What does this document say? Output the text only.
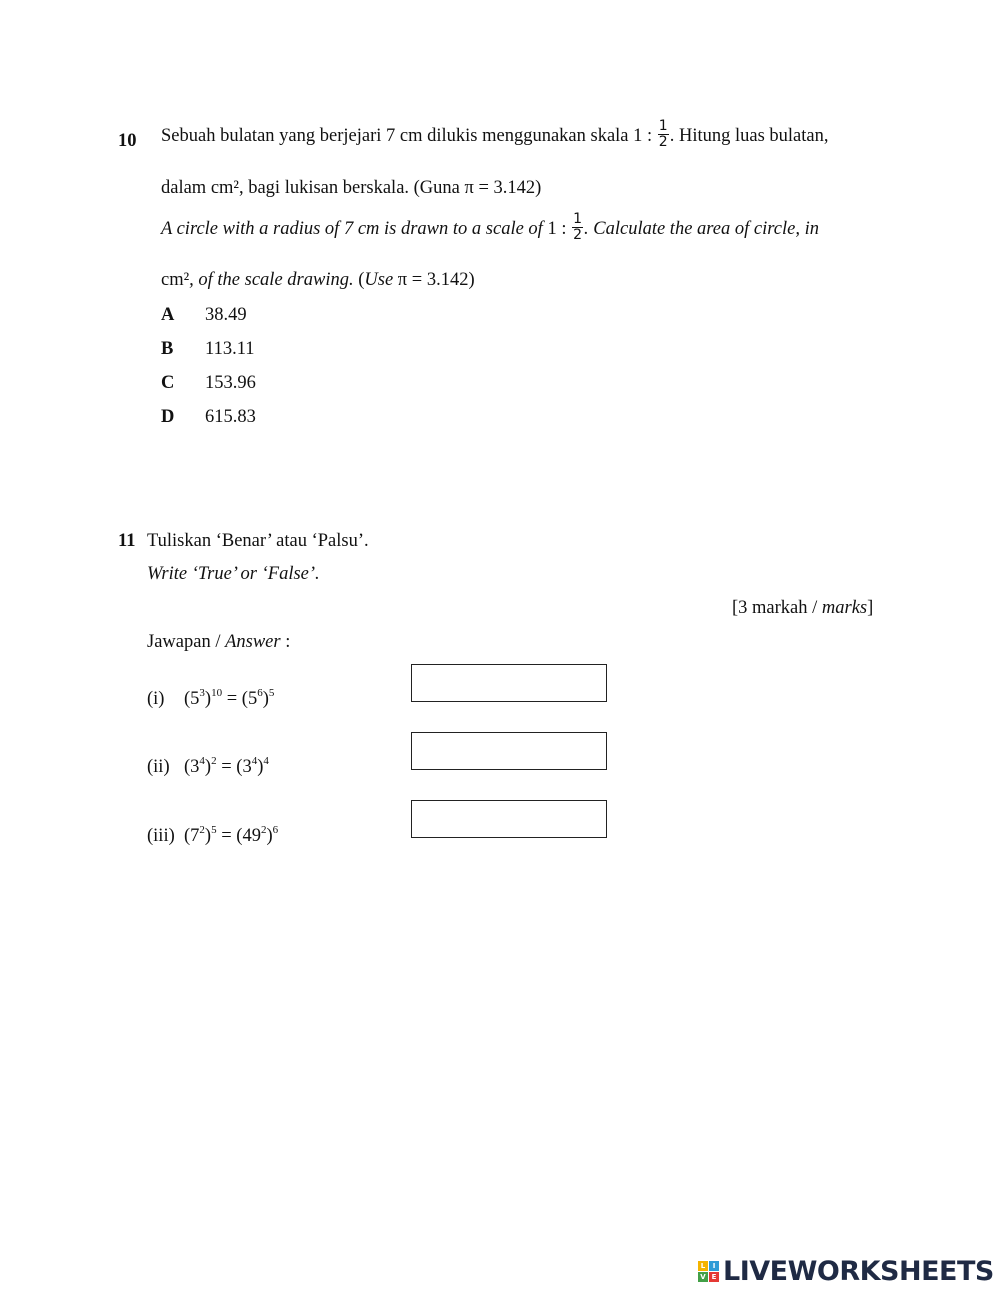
10 Sebuah bulatan yang berjejari 7 cm dilukis menggunakan skala 1 : $\frac{1}{2}$ . Hitung luas bulatan,
dalam cm², bagi lukisan berskala. (Guna π = 3.142)
A circle with a radius of 7 cm is drawn to a scale of 1 : $\frac{1}{2}$ . Calculate the area of circle, in
cm², of the scale drawing. (Use π = 3.142)
A 38.49
B 113.11
C 153.96
D 615.83
11 Tuliskan ‘Benar’ atau ‘Palsu’.
Write ‘True’ or ‘False’.
[3 markah / marks]
Jawapan / Answer :
(i) $(5^3)^{10} = (5^6)^5$
(ii) $(3^4)^2 = (3^4)^4$
(iii) $(7^2)^5 = (49^2)^6$
L	I
V E LIVEWORKSHEETS
